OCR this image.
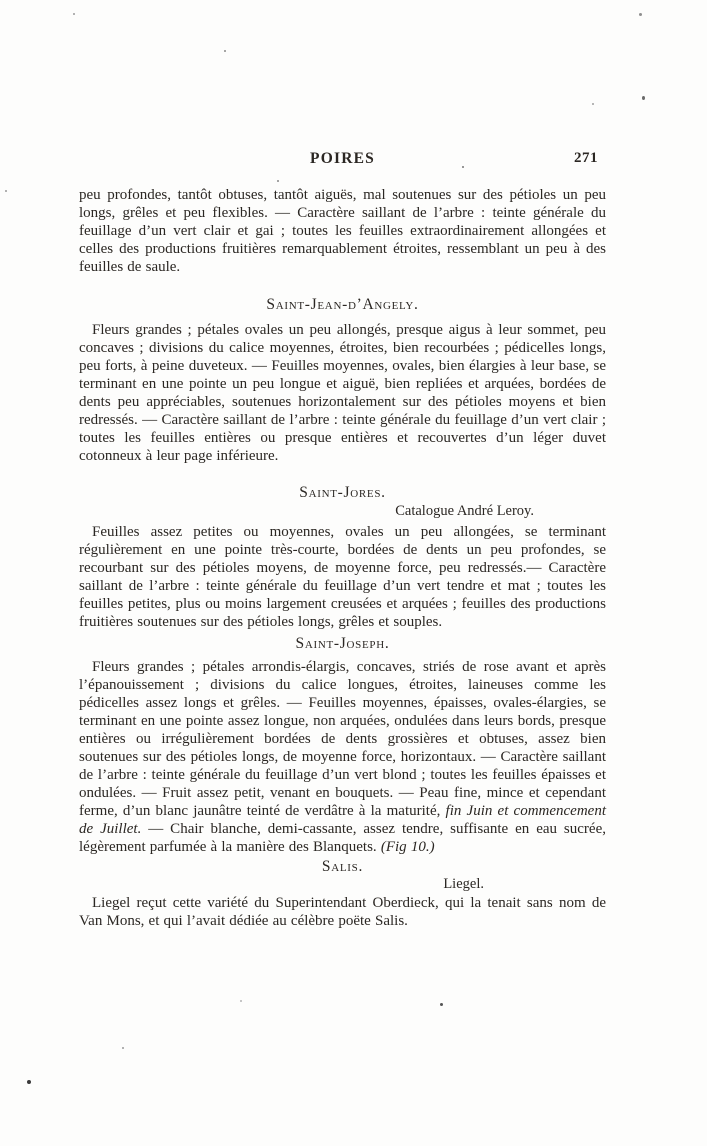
POIRES	271

peu profondes, tantôt obtuses, tantôt aiguës, mal soutenues sur des pétioles un peu longs, grêles et peu flexibles. — Caractère saillant de l’arbre : teinte générale du feuillage d’un vert clair et gai ; toutes les feuilles extraordinairement allongées et celles des productions fruitières remarquablement étroites, ressemblant un peu à des feuilles de saule.

Saint-Jean-d’Angely.

Fleurs grandes ; pétales ovales un peu allongés, presque aigus à leur sommet, peu concaves ; divisions du calice moyennes, étroites, bien recourbées ; pédicelles longs, peu forts, à peine duveteux. — Feuilles moyennes, ovales, bien élargies à leur base, se terminant en une pointe un peu longue et aiguë, bien repliées et arquées, bordées de dents peu appréciables, soutenues horizontalement sur des pétioles moyens et bien redressés. — Caractère saillant de l’arbre : teinte générale du feuillage d’un vert clair ; toutes les feuilles entières ou presque entières et recouvertes d’un léger duvet cotonneux à leur page inférieure.

Saint-Jores.
Catalogue André Leroy.

Feuilles assez petites ou moyennes, ovales un peu allongées, se terminant régulièrement en une pointe très-courte, bordées de dents un peu profondes, se recourbant sur des pétioles moyens, de moyenne force, peu redressés.— Caractère saillant de l’arbre : teinte générale du feuillage d’un vert tendre et mat ; toutes les feuilles petites, plus ou moins largement creusées et arquées ; feuilles des productions fruitières soutenues sur des pétioles longs, grêles et souples.

Saint-Joseph.

Fleurs grandes ; pétales arrondis-élargis, concaves, striés de rose avant et après l’épanouissement ; divisions du calice longues, étroites, laineuses comme les pédicelles assez longs et grêles. — Feuilles moyennes, épaisses, ovales-élargies, se terminant en une pointe assez longue, non arquées, ondulées dans leurs bords, presque entières ou irrégulièrement bordées de dents grossières et obtuses, assez bien soutenues sur des pétioles longs, de moyenne force, horizontaux. — Caractère saillant de l’arbre : teinte générale du feuillage d’un vert blond ; toutes les feuilles épaisses et ondulées. — Fruit assez petit, venant en bouquets. — Peau fine, mince et cependant ferme, d’un blanc jaunâtre teinté de verdâtre à la maturité, fin Juin et commencement de Juillet. — Chair blanche, demi-cassante, assez tendre, suffisante en eau sucrée, légèrement parfumée à la manière des Blanquets. (Fig 10.)

Salis.
Liegel.

Liegel reçut cette variété du Superintendant Oberdieck, qui la tenait sans nom de Van Mons, et qui l’avait dédiée au célèbre poëte Salis.
